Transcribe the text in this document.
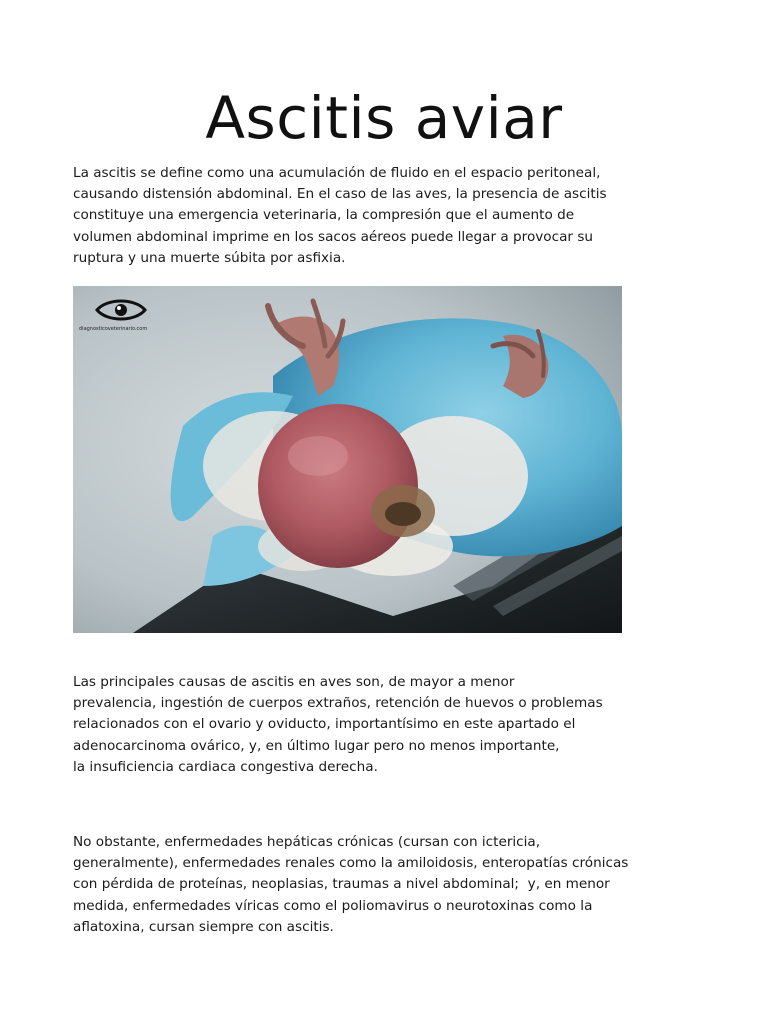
Ascitis aviar

La ascitis se define como una acumulación de fluido en el espacio peritoneal,
causando distensión abdominal. En el caso de las aves, la presencia de ascitis
constituye una emergencia veterinaria, la compresión que el aumento de
volumen abdominal imprime en los sacos aéreos puede llegar a provocar su
ruptura y una muerte súbita por asfixia.

diagnosticoveterinario.com

Las principales causas de ascitis en aves son, de mayor a menor
prevalencia, ingestión de cuerpos extraños, retención de huevos o problemas
relacionados con el ovario y oviducto, importantísimo en este apartado el
adenocarcinoma ovárico, y, en último lugar pero no menos importante,
la insuficiencia cardiaca congestiva derecha.

No obstante, enfermedades hepáticas crónicas (cursan con ictericia,
generalmente), enfermedades renales como la amiloidosis, enteropatías crónicas
con pérdida de proteínas, neoplasias, traumas a nivel abdominal;  y, en menor
medida, enfermedades víricas como el poliomavirus o neurotoxinas como la
aflatoxina, cursan siempre con ascitis.
